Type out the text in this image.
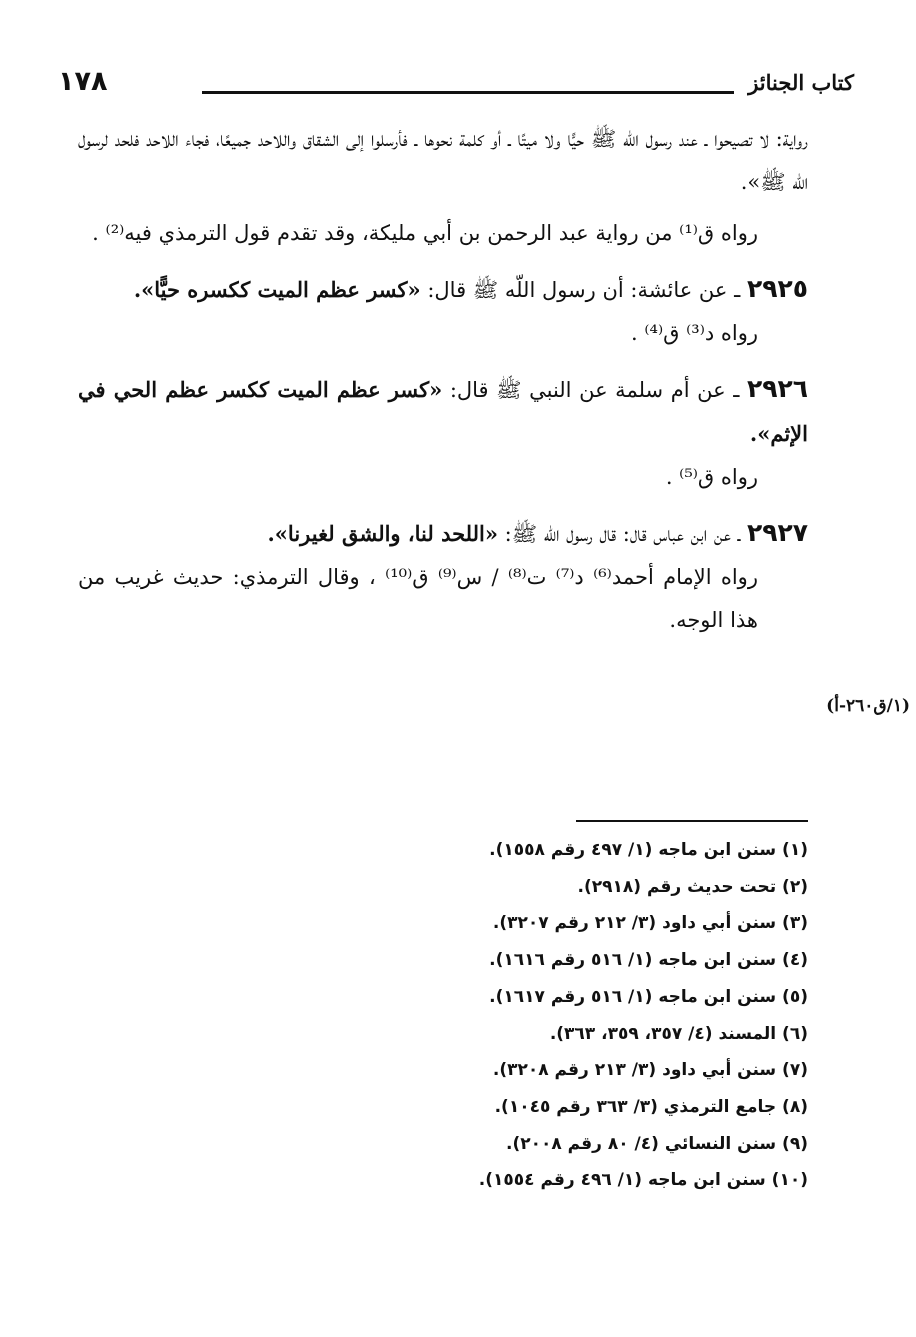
١٧٨	كتاب الجنائز

رواية: لا تصيحوا ـ عند رسول اللّه ﷺ حيًّا ولا ميتًا ـ أو كلمة نحوها ـ فأرسلوا إلى الشقاق واللاحد جميعًا، فجاء اللاحد فلحد لرسول اللّه ﷺ».

رواه ق⁽¹⁾ من رواية عبد الرحمن بن أبي مليكة، وقد تقدم قول الترمذي فيه⁽²⁾ .

٢٩٢٥ ـ عن عائشة: أن رسول اللّه ﷺ قال: «كسر عظم الميت ككسره حيًّا».

رواه د⁽³⁾ ق⁽⁴⁾ .

٢٩٢٦ ـ عن أم سلمة عن النبي ﷺ قال: «كسر عظم الميت ككسر عظم الحي في الإثم».

رواه ق⁽⁵⁾ .

٢٩٢٧ ـ عن ابن عباس قال: قال رسول اللّه ﷺ: «اللحد لنا، والشق لغيرنا».

رواه الإمام أحمد⁽⁶⁾ د⁽⁷⁾ ت⁽⁸⁾ / س⁽⁹⁾ ق⁽¹⁰⁾ ، وقال الترمذي: حديث غريب من هذا الوجه.

(١/ق٢٦٠-أ)
(١) سنن ابن ماجه (١/ ٤٩٧ رقم ١٥٥٨).
(٢) تحت حديث رقم (٢٩١٨).
(٣) سنن أبي داود (٣/ ٢١٢ رقم ٣٢٠٧).
(٤) سنن ابن ماجه (١/ ٥١٦ رقم ١٦١٦).
(٥) سنن ابن ماجه (١/ ٥١٦ رقم ١٦١٧).
(٦) المسند (٤/ ٣٥٧، ٣٥٩، ٣٦٣).
(٧) سنن أبي داود (٣/ ٢١٣ رقم ٣٢٠٨).
(٨) جامع الترمذي (٣/ ٣٦٣ رقم ١٠٤٥).
(٩) سنن النسائي (٤/ ٨٠ رقم ٢٠٠٨).
(١٠) سنن ابن ماجه (١/ ٤٩٦ رقم ١٥٥٤).
